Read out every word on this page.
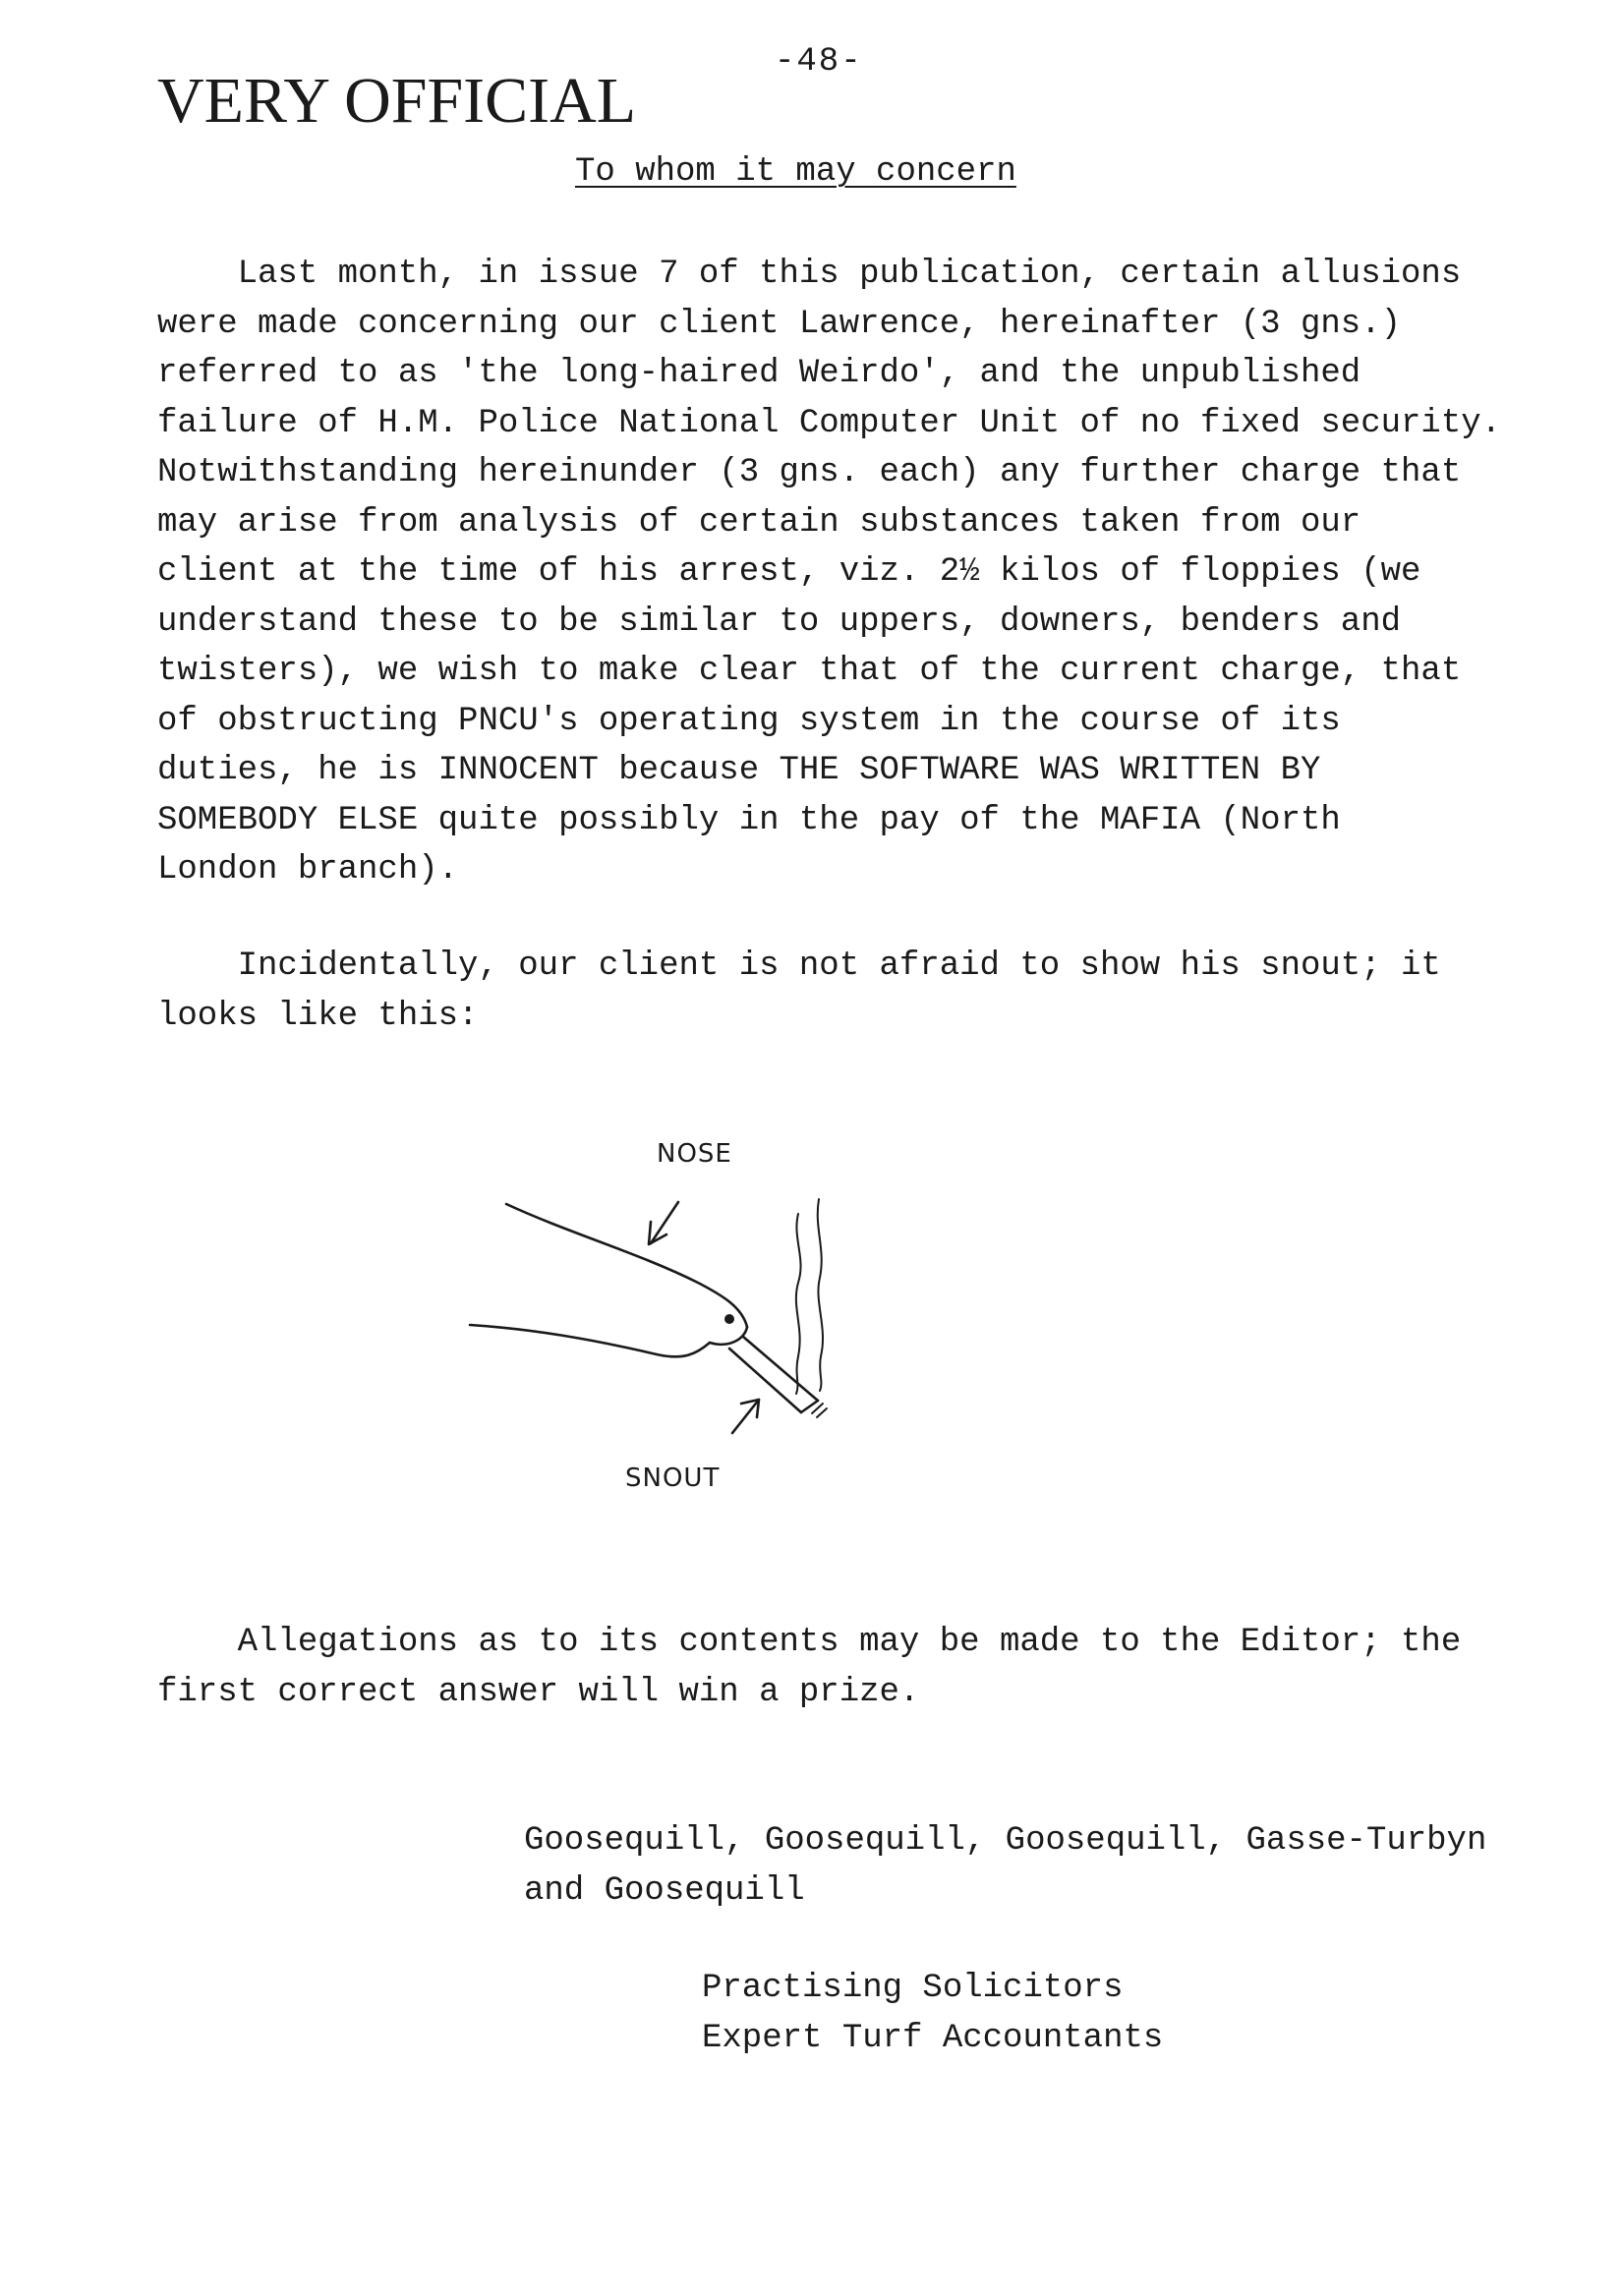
-48-
VERY OFFICIAL
To whom it may concern
Last month, in issue 7 of this publication, certain allusions
were made concerning our client Lawrence, hereinafter (3 gns.)
referred to as 'the long-haired Weirdo', and the unpublished
failure of H.M. Police National Computer Unit of no fixed security.
Notwithstanding hereinunder (3 gns. each) any further charge that
may arise from analysis of certain substances taken from our
client at the time of his arrest, viz. 2½ kilos of floppies (we
understand these to be similar to uppers, downers, benders and
twisters), we wish to make clear that of the current charge, that
of obstructing PNCU's operating system in the course of its
duties, he is INNOCENT because THE SOFTWARE WAS WRITTEN BY
SOMEBODY ELSE quite possibly in the pay of the MAFIA (North
London branch).
Incidentally, our client is not afraid to show his snout; it
looks like this:
NOSE
SNOUT
Allegations as to its contents may be made to the Editor; the
first correct answer will win a prize.
Goosequill, Goosequill, Goosequill, Gasse-Turbyn
and Goosequill
Practising Solicitors
Expert Turf Accountants
